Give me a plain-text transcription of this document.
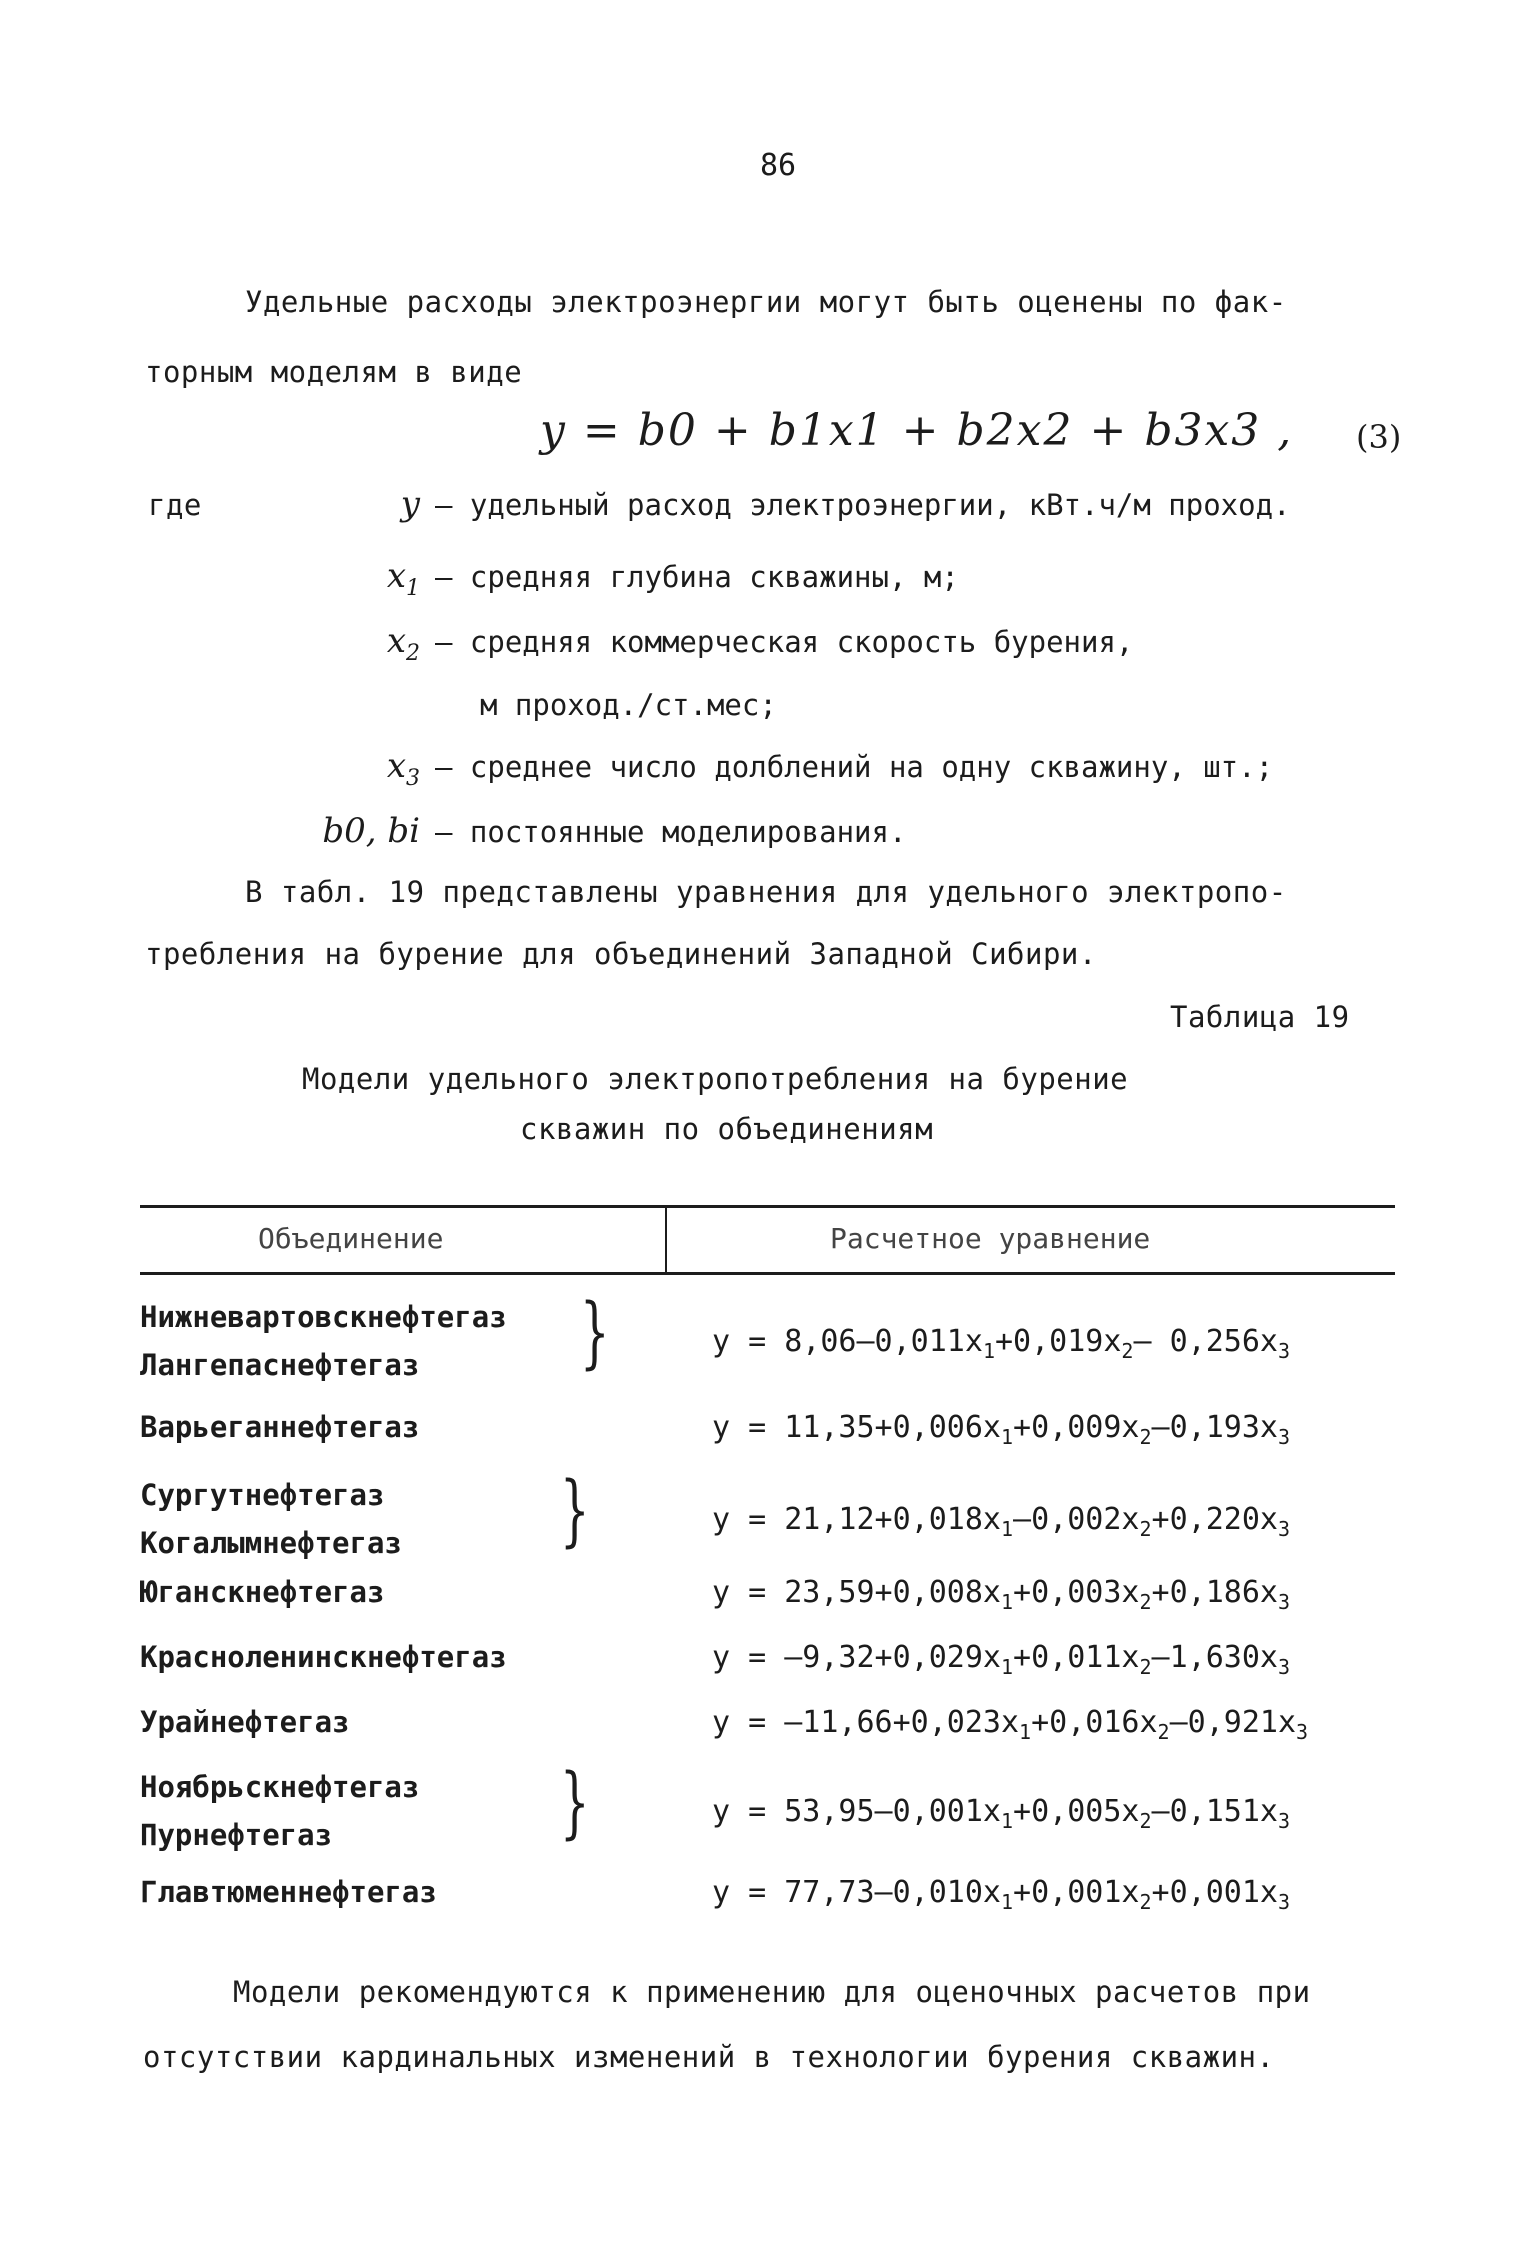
86
Удельные расходы электроэнергии могут быть оценены по фак-
торным моделям в виде
y = b0 + b1x1 + b2x2 + b3x3 , (3)
где	y – удельный расход электроэнергии, кВт.ч/м проход.
$x_1$ – средняя глубина скважины, м;
$x_2$ – средняя коммерческая скорость бурения,
м проход./ст.мес;
$x_3$ – среднее число долблений на одну скважину, шт.;
b0, bi – постоянные моделирования.
В табл. 19 представлены уравнения для удельного электропо-
требления на бурение для объединений Западной Сибири.
Таблица 19
Модели удельного электропотребления на бурение
скважин по объединениям
Объединение	Расчетное уравнение
Нижневартовскнефтегаз
Лангепаснефтегаз }	$y = 8,06-0,011x_1+0,019x_2-$ $0,256x_3$
Варьеганнефтегаз	$y = 11,35+0,006x_1+0,009x_2-0,193x_3$
Сургутнефтегаз
Когалымнефтегаз }	$y = 21,12+0,018x_1-0,002x_2+0,220x_3$
Юганскнефтегаз	$y = 23,59+0,008x_1+0,003x_2+0,186x_3$
Красноленинскнефтегаз	$y = -9,32+0,029x_1+0,011x_2-1,630x_3$
Урайнефтегаз	$y = -11,66+0,023x_1+0,016x_2-0,921x_3$
Ноябрьскнефтегаз
Пурнефтегаз	}	$y = 53,95-0,001x_1+0,005x_2-0,151x_3$
Главтюменнефтегаз	$y = 77,73-0,010x_1+0,001x_2+0,001x_3$
Модели рекомендуются к применению для оценочных расчетов при
отсутствии кардинальных изменений в технологии бурения скважин.
